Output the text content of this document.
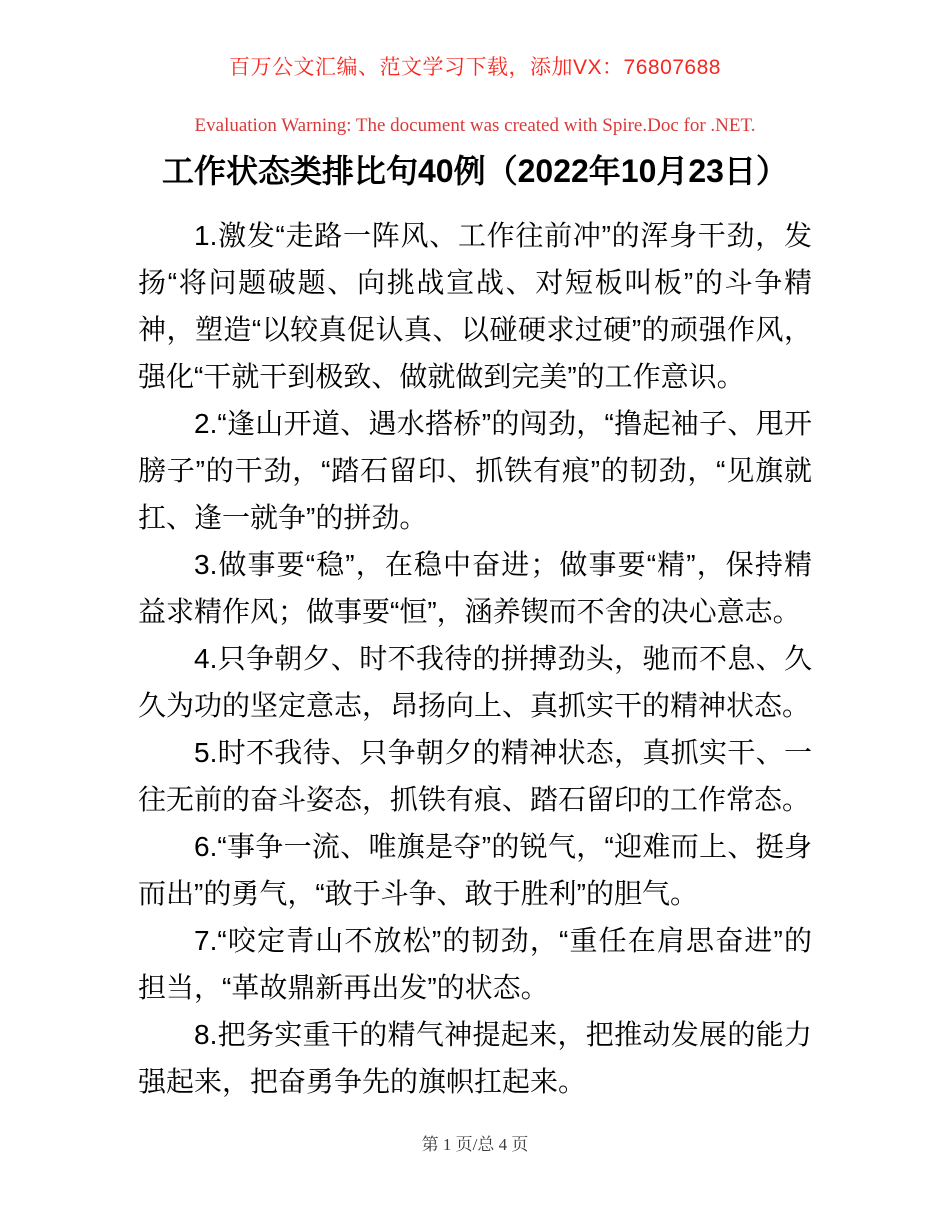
百万公文汇编、范文学习下载，添加VX：76807688
Evaluation Warning: The document was created with Spire.Doc for .NET.
工作状态类排比句40例（2022年10月23日）

1.激发“走路一阵风、工作往前冲”的浑身干劲，发扬“将问题破题、向挑战宣战、对短板叫板”的斗争精神，塑造“以较真促认真、以碰硬求过硬”的顽强作风，强化“干就干到极致、做就做到完美”的工作意识。

2.“逢山开道、遇水搭桥”的闯劲，“撸起袖子、甩开膀子”的干劲，“踏石留印、抓铁有痕”的韧劲，“见旗就扛、逢一就争”的拼劲。

3.做事要“稳”，在稳中奋进；做事要“精”，保持精益求精作风；做事要“恒”，涵养锲而不舍的决心意志。

4.只争朝夕、时不我待的拼搏劲头，驰而不息、久久为功的坚定意志，昂扬向上、真抓实干的精神状态。

5.时不我待、只争朝夕的精神状态，真抓实干、一往无前的奋斗姿态，抓铁有痕、踏石留印的工作常态。

6.“事争一流、唯旗是夺”的锐气，“迎难而上、挺身而出”的勇气，“敢于斗争、敢于胜利”的胆气。

7.“咬定青山不放松”的韧劲，“重任在肩思奋进”的担当，“革故鼎新再出发”的状态。

8.把务实重干的精气神提起来，把推动发展的能力强起来，把奋勇争先的旗帜扛起来。

第 1 页/总 4 页
